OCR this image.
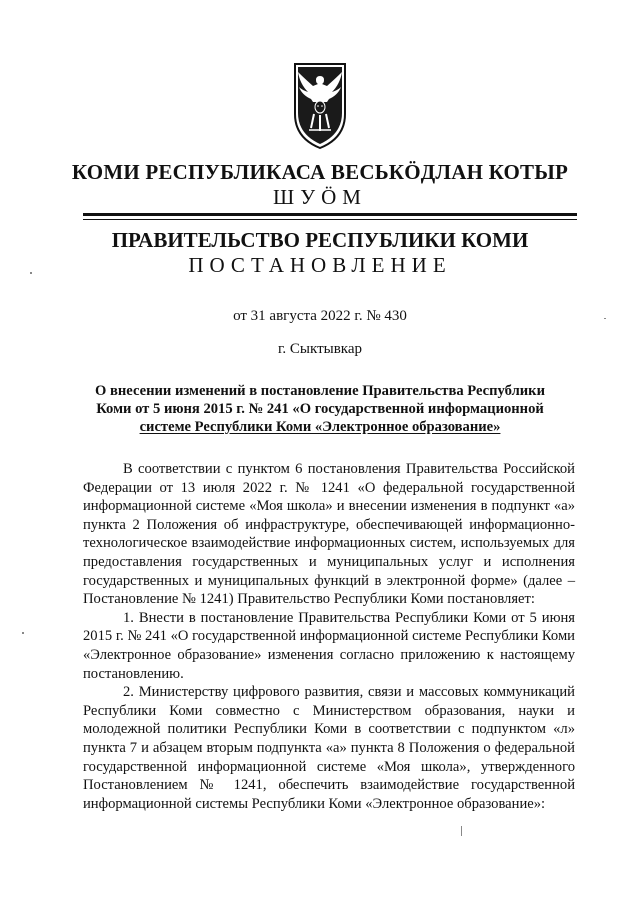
КОМИ РЕСПУБЛИКАСА ВЕСЬКÖДЛАН КОТЫР
ШУÖМ
ПРАВИТЕЛЬСТВО РЕСПУБЛИКИ КОМИ
ПОСТАНОВЛЕНИЕ
от 31 августа 2022 г. № 430
г. Сыктывкар
О внесении изменений в постановление Правительства Республики
Коми от 5 июня 2015 г. № 241 «О государственной информационной
системе Республики Коми «Электронное образование»

В соответствии с пунктом 6 постановления Правительства Российской Федерации от 13 июля 2022 г. № 1241 «О федеральной государственной информационной системе «Моя школа» и внесении изменения в подпункт «а» пункта 2 Положения об инфраструктуре, обеспечивающей информационно-технологическое взаимодействие информационных систем, используемых для предоставления государственных и муниципальных услуг и исполнения государственных и муниципальных функций в электронной форме» (далее – Постановление № 1241) Правительство Республики Коми постановляет:

1. Внести в постановление Правительства Республики Коми от 5 июня 2015 г. № 241 «О государственной информационной системе Республики Коми «Электронное образование» изменения согласно приложению к настоящему постановлению.

2. Министерству цифрового развития, связи и массовых коммуникаций Республики Коми совместно с Министерством образования, науки и молодежной политики Республики Коми в соответствии с подпунктом «л» пункта 7 и абзацем вторым подпункта «а» пункта 8 Положения о федеральной государственной информационной системе «Моя школа», утвержденного Постановлением № 1241, обеспечить взаимодействие государственной информационной системы Республики Коми «Электронное образование»:
